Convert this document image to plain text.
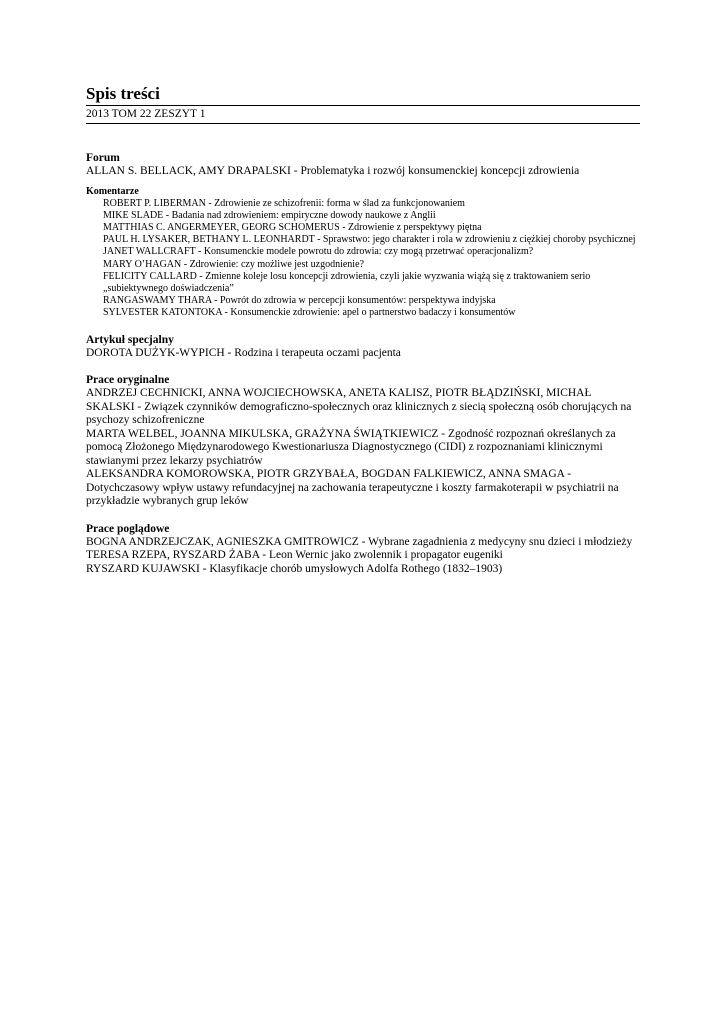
Spis treści
2013 TOM 22 ZESZYT 1
Forum
ALLAN S. BELLACK, AMY DRAPALSKI - Problematyka i rozwój konsumenckiej koncepcji zdrowienia
Komentarze
ROBERT P. LIBERMAN - Zdrowienie ze schizofrenii: forma w ślad za funkcjonowaniem
MIKE SLADE - Badania nad zdrowieniem: empiryczne dowody naukowe z Anglii
MATTHIAS C. ANGERMEYER, GEORG SCHOMERUS - Zdrowienie z perspektywy piętna
PAUL H. LYSAKER, BETHANY L. LEONHARDT - Sprawstwo: jego charakter i rola w zdrowieniu z ciężkiej choroby psychicznej
JANET WALLCRAFT - Konsumenckie modele powrotu do zdrowia: czy mogą przetrwać operacjonalizm?
MARY O’HAGAN - Zdrowienie: czy możliwe jest uzgodnienie?
FELICITY CALLARD - Zmienne koleje losu koncepcji zdrowienia, czyli jakie wyzwania wiążą się z traktowaniem serio „subiektywnego doświadczenia”
RANGASWAMY THARA - Powrót do zdrowia w percepcji konsumentów: perspektywa indyjska
SYLVESTER KATONTOKA - Konsumenckie zdrowienie: apel o partnerstwo badaczy i konsumentów
Artykuł specjalny
DOROTA DUŻYK-WYPICH - Rodzina i terapeuta oczami pacjenta
Prace oryginalne
ANDRZEJ CECHNICKI, ANNA WOJCIECHOWSKA, ANETA KALISZ, PIOTR BŁĄDZIŃSKI, MICHAŁ SKALSKI - Związek czynników demograficzno-społecznych oraz klinicznych z siecią społeczną osób chorujących na psychozy schizofreniczne
MARTA WELBEL, JOANNA MIKULSKA, GRAŻYNA ŚWIĄTKIEWICZ - Zgodność rozpoznań określanych za pomocą Złożonego Międzynarodowego Kwestionariusza Diagnostycznego (CIDI) z rozpoznaniami klinicznymi stawianymi przez lekarzy psychiatrów
ALEKSANDRA KOMOROWSKA, PIOTR GRZYBAŁA, BOGDAN FALKIEWICZ, ANNA SMAGA - Dotychczasowy wpływ ustawy refundacyjnej na zachowania terapeutyczne i koszty farmakoterapii w psychiatrii na przykładzie wybranych grup leków
Prace poglądowe
BOGNA ANDRZEJCZAK, AGNIESZKA GMITROWICZ - Wybrane zagadnienia z medycyny snu dzieci i młodzieży
TERESA RZEPA, RYSZARD ŻABA - Leon Wernic jako zwolennik i propagator eugeniki
RYSZARD KUJAWSKI - Klasyfikacje chorób umysłowych Adolfa Rothego (1832–1903)
